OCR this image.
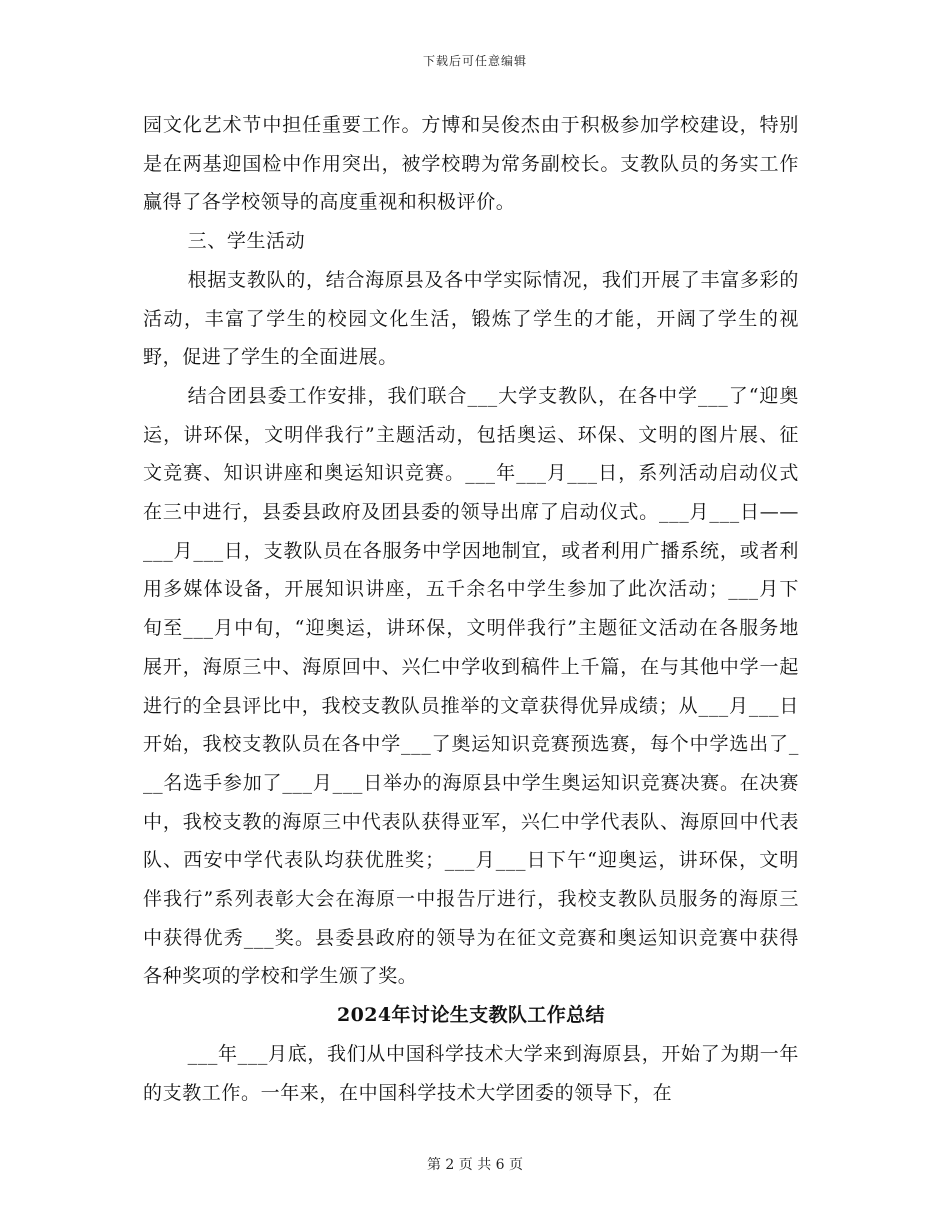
下载后可任意编辑

园文化艺术节中担任重要工作。方博和吴俊杰由于积极参加学校建设，特别是在两基迎国检中作用突出，被学校聘为常务副校长。支教队员的务实工作赢得了各学校领导的高度重视和积极评价。

三、学生活动

根据支教队的，结合海原县及各中学实际情况，我们开展了丰富多彩的活动，丰富了学生的校园文化生活，锻炼了学生的才能，开阔了学生的视野，促进了学生的全面进展。

结合团县委工作安排，我们联合___大学支教队，在各中学___了“迎奥运，讲环保，文明伴我行”主题活动，包括奥运、环保、文明的图片展、征文竞赛、知识讲座和奥运知识竞赛。___年___月___日，系列活动启动仪式在三中进行，县委县政府及团县委的领导出席了启动仪式。___月___日——___月___日，支教队员在各服务中学因地制宜，或者利用广播系统，或者利用多媒体设备，开展知识讲座，五千余名中学生参加了此次活动；___月下旬至___月中旬，“迎奥运，讲环保，文明伴我行”主题征文活动在各服务地展开，海原三中、海原回中、兴仁中学收到稿件上千篇，在与其他中学一起进行的全县评比中，我校支教队员推举的文章获得优异成绩；从___月___日开始，我校支教队员在各中学___了奥运知识竞赛预选赛，每个中学选出了___名选手参加了___月___日举办的海原县中学生奥运知识竞赛决赛。在决赛中，我校支教的海原三中代表队获得亚军，兴仁中学代表队、海原回中代表队、西安中学代表队均获优胜奖；___月___日下午“迎奥运，讲环保，文明伴我行”系列表彰大会在海原一中报告厅进行，我校支教队员服务的海原三中获得优秀___奖。县委县政府的领导为在征文竞赛和奥运知识竞赛中获得各种奖项的学校和学生颁了奖。

2024年讨论生支教队工作总结

___年___月底，我们从中国科学技术大学来到海原县，开始了为期一年的支教工作。一年来，在中国科学技术大学团委的领导下，在

第 2 页 共 6 页
